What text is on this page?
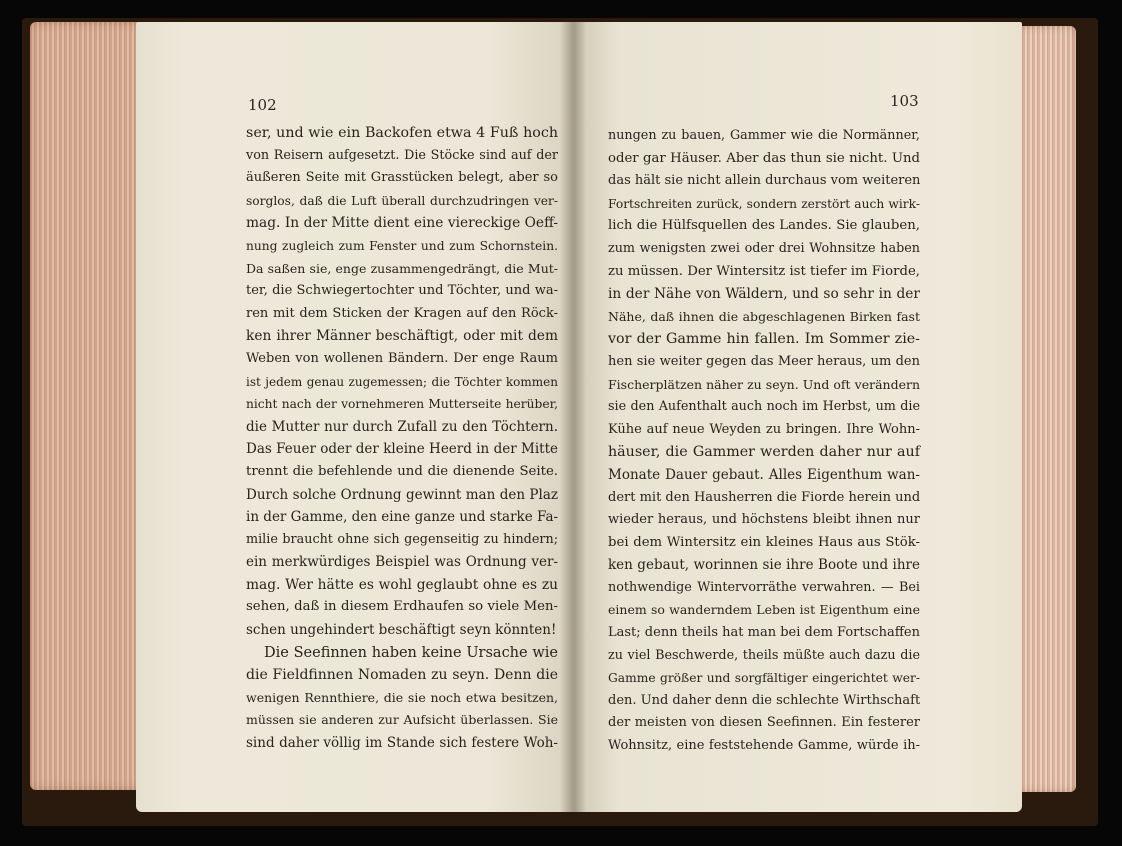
102	103
ser, und wie ein Backofen etwa 4 Fuß hoch
von Reisern aufgesetzt. Die Stöcke sind auf der
äußeren Seite mit Grasstücken belegt, aber so
sorglos, daß die Luft überall durchzudringen ver-
mag. In der Mitte dient eine viereckige Oeff-
nung zugleich zum Fenster und zum Schornstein.
Da saßen sie, enge zusammengedrängt, die Mut-
ter, die Schwiegertochter und Töchter, und wa-
ren mit dem Sticken der Kragen auf den Röck-
ken ihrer Männer beschäftigt, oder mit dem
Weben von wollenen Bändern. Der enge Raum
ist jedem genau zugemessen; die Töchter kommen
nicht nach der vornehmeren Mutterseite herüber,
die Mutter nur durch Zufall zu den Töchtern.
Das Feuer oder der kleine Heerd in der Mitte
trennt die befehlende und die dienende Seite.
Durch solche Ordnung gewinnt man den Plaz
in der Gamme, den eine ganze und starke Fa-
milie braucht ohne sich gegenseitig zu hindern;
ein merkwürdiges Beispiel was Ordnung ver-
mag. Wer hätte es wohl geglaubt ohne es zu
sehen, daß in diesem Erdhaufen so viele Men-
schen ungehindert beschäftigt seyn könnten!
Die Seefinnen haben keine Ursache wie
die Fieldfinnen Nomaden zu seyn. Denn die
wenigen Rennthiere, die sie noch etwa besitzen,
müssen sie anderen zur Aufsicht überlassen. Sie
sind daher völlig im Stande sich festere Woh-
nungen zu bauen, Gammer wie die Normänner,
oder gar Häuser. Aber das thun sie nicht. Und
das hält sie nicht allein durchaus vom weiteren
Fortschreiten zurück, sondern zerstört auch wirk-
lich die Hülfsquellen des Landes. Sie glauben,
zum wenigsten zwei oder drei Wohnsitze haben
zu müssen. Der Wintersitz ist tiefer im Fiorde,
in der Nähe von Wäldern, und so sehr in der
Nähe, daß ihnen die abgeschlagenen Birken fast
vor der Gamme hin fallen. Im Sommer zie-
hen sie weiter gegen das Meer heraus, um den
Fischerplätzen näher zu seyn. Und oft verändern
sie den Aufenthalt auch noch im Herbst, um die
Kühe auf neue Weyden zu bringen. Ihre Wohn-
häuser, die Gammer werden daher nur auf
Monate Dauer gebaut. Alles Eigenthum wan-
dert mit den Hausherren die Fiorde herein und
wieder heraus, und höchstens bleibt ihnen nur
bei dem Wintersitz ein kleines Haus aus Stök-
ken gebaut, worinnen sie ihre Boote und ihre
nothwendige Wintervorräthe verwahren. — Bei
einem so wanderndem Leben ist Eigenthum eine
Last; denn theils hat man bei dem Fortschaffen
zu viel Beschwerde, theils müßte auch dazu die
Gamme größer und sorgfältiger eingerichtet wer-
den. Und daher denn die schlechte Wirthschaft
der meisten von diesen Seefinnen. Ein festerer
Wohnsitz, eine feststehende Gamme, würde ih-
